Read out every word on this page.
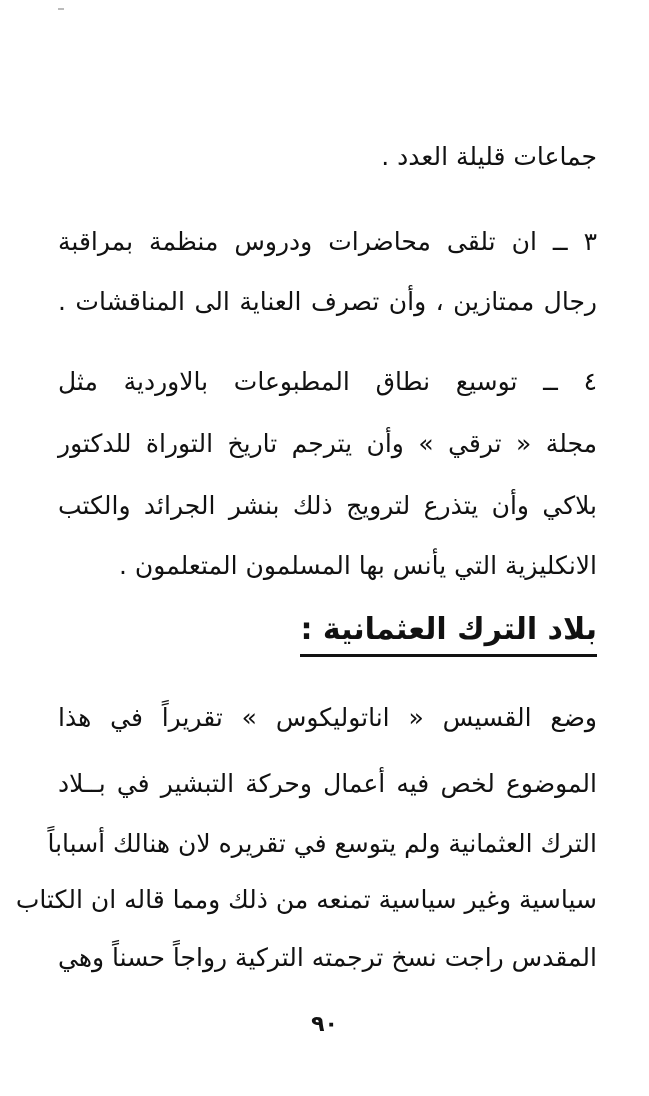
جماعات قليلة العدد .
٣ ــ ان تلقى محاضرات ودروس منظمة بمراقبة
رجال ممتازين ، وأن تصرف العناية الى المناقشات .
٤ ــ توسيع نطاق المطبوعات بالاوردية مثل
مجلة « ترقي » وأن يترجم تاريخ التوراة للدكتور
بلاكي وأن يتذرع لترويج ذلك بنشر الجرائد والكتب
الانكليزية التي يأنس بها المسلمون المتعلمون .
بلاد الترك العثمانية :
وضع القسيس « اناتوليكوس » تقريراً في هذا
الموضوع لخص فيه أعمال وحركة التبشير في بــلاد
الترك العثمانية ولم يتوسع في تقريره لان هنالك أسباباً
سياسية وغير سياسية تمنعه من ذلك ومما قاله ان الكتاب
المقدس راجت نسخ ترجمته التركية رواجاً حسناً وهي
٩٠
